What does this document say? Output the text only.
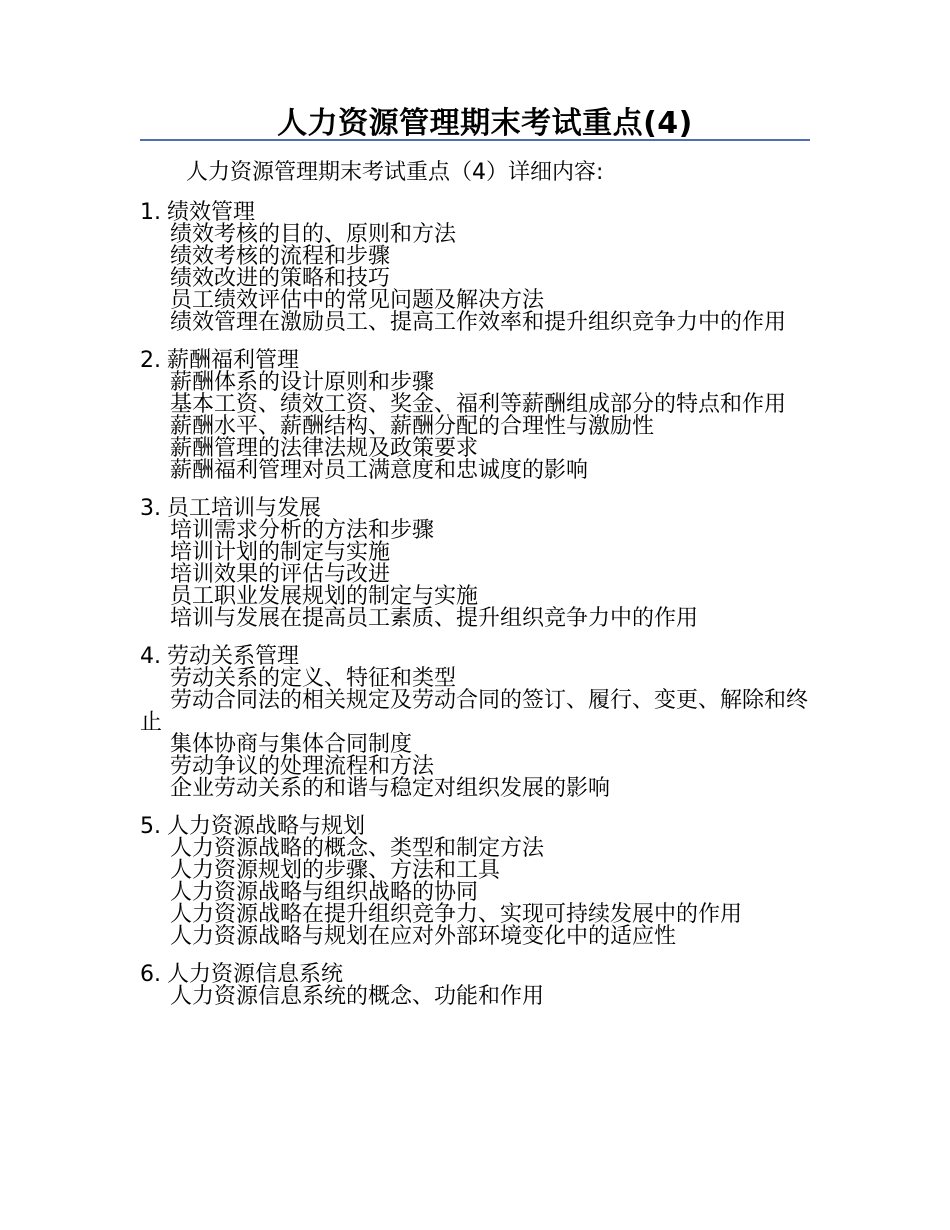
人力资源管理期末考试重点(4)
人力资源管理期末考试重点（4）详细内容:
1. 绩效管理
绩效考核的目的、原则和方法
绩效考核的流程和步骤
绩效改进的策略和技巧
员工绩效评估中的常见问题及解决方法
绩效管理在激励员工、提高工作效率和提升组织竞争力中的作用
2. 薪酬福利管理
薪酬体系的设计原则和步骤
基本工资、绩效工资、奖金、福利等薪酬组成部分的特点和作用
薪酬水平、薪酬结构、薪酬分配的合理性与激励性
薪酬管理的法律法规及政策要求
薪酬福利管理对员工满意度和忠诚度的影响
3. 员工培训与发展
培训需求分析的方法和步骤
培训计划的制定与实施
培训效果的评估与改进
员工职业发展规划的制定与实施
培训与发展在提高员工素质、提升组织竞争力中的作用
4. 劳动关系管理
劳动关系的定义、特征和类型
劳动合同法的相关规定及劳动合同的签订、履行、变更、解除和终止
集体协商与集体合同制度
劳动争议的处理流程和方法
企业劳动关系的和谐与稳定对组织发展的影响
5. 人力资源战略与规划
人力资源战略的概念、类型和制定方法
人力资源规划的步骤、方法和工具
人力资源战略与组织战略的协同
人力资源战略在提升组织竞争力、实现可持续发展中的作用
人力资源战略与规划在应对外部环境变化中的适应性
6. 人力资源信息系统
人力资源信息系统的概念、功能和作用
